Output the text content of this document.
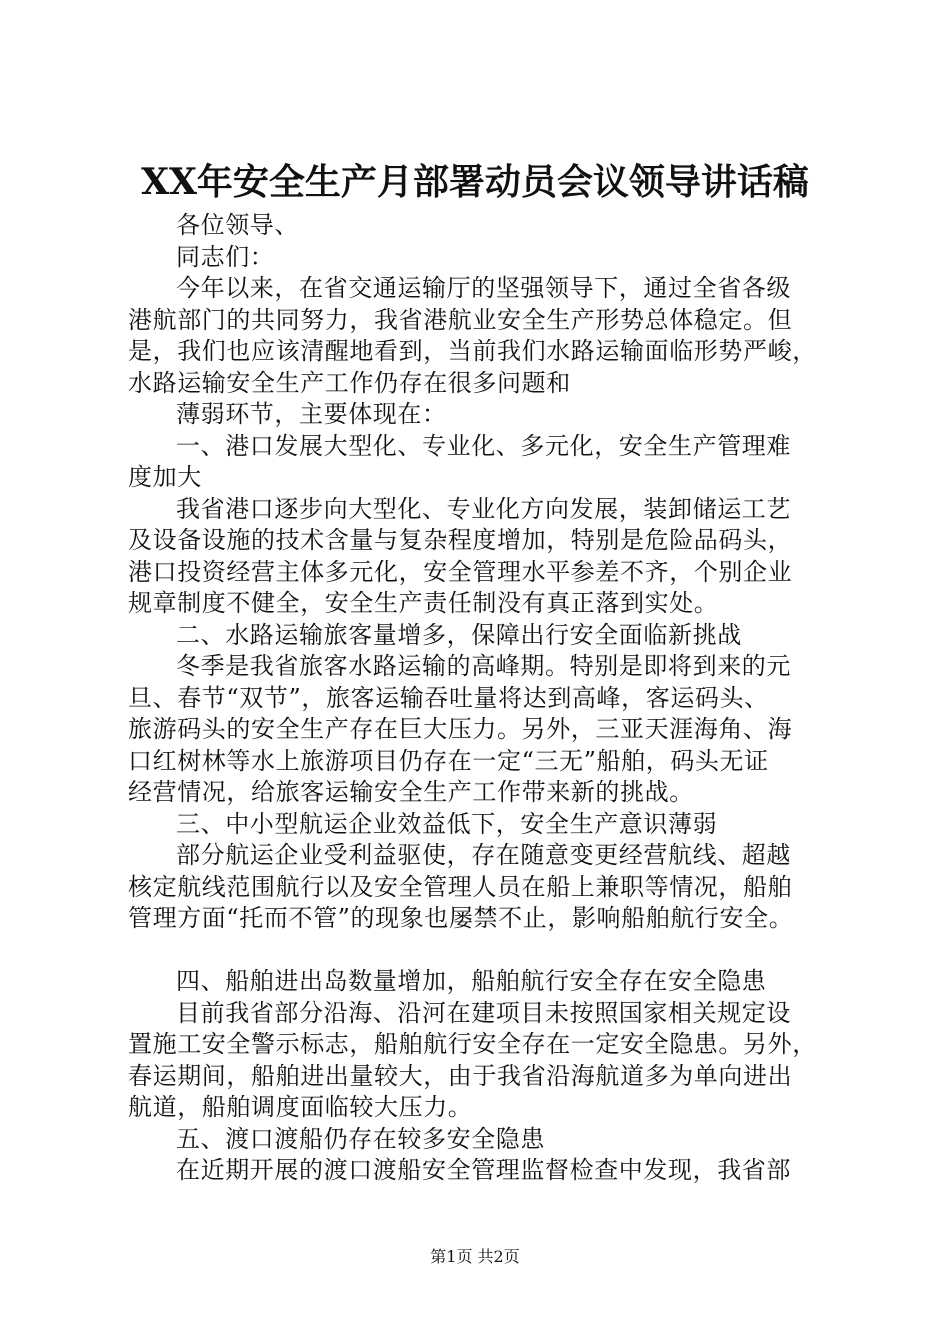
XX年安全生产月部署动员会议领导讲话稿

各位领导、

同志们：

今年以来，在省交通运输厅的坚强领导下，通过全省各级

港航部门的共同努力，我省港航业安全生产形势总体稳定。但

是，我们也应该清醒地看到，当前我们水路运输面临形势严峻，

水路运输安全生产工作仍存在很多问题和

薄弱环节，主要体现在：

一、港口发展大型化、专业化、多元化，安全生产管理难

度加大

我省港口逐步向大型化、专业化方向发展，装卸储运工艺

及设备设施的技术含量与复杂程度增加，特别是危险品码头，

港口投资经营主体多元化，安全管理水平参差不齐，个别企业

规章制度不健全，安全生产责任制没有真正落到实处。

二、水路运输旅客量增多，保障出行安全面临新挑战

冬季是我省旅客水路运输的高峰期。特别是即将到来的元

旦、春节“双节”，旅客运输吞吐量将达到高峰，客运码头、

旅游码头的安全生产存在巨大压力。另外，三亚天涯海角、海

口红树林等水上旅游项目仍存在一定“三无”船舶，码头无证

经营情况，给旅客运输安全生产工作带来新的挑战。

三、中小型航运企业效益低下，安全生产意识薄弱

部分航运企业受利益驱使，存在随意变更经营航线、超越

核定航线范围航行以及安全管理人员在船上兼职等情况，船舶

管理方面“托而不管”的现象也屡禁不止，影响船舶航行安全。

四、船舶进出岛数量增加，船舶航行安全存在安全隐患

目前我省部分沿海、沿河在建项目未按照国家相关规定设

置施工安全警示标志，船舶航行安全存在一定安全隐患。另外，

春运期间，船舶进出量较大，由于我省沿海航道多为单向进出

航道，船舶调度面临较大压力。

五、渡口渡船仍存在较多安全隐患

在近期开展的渡口渡船安全管理监督检查中发现，我省部

第1页 共2页
